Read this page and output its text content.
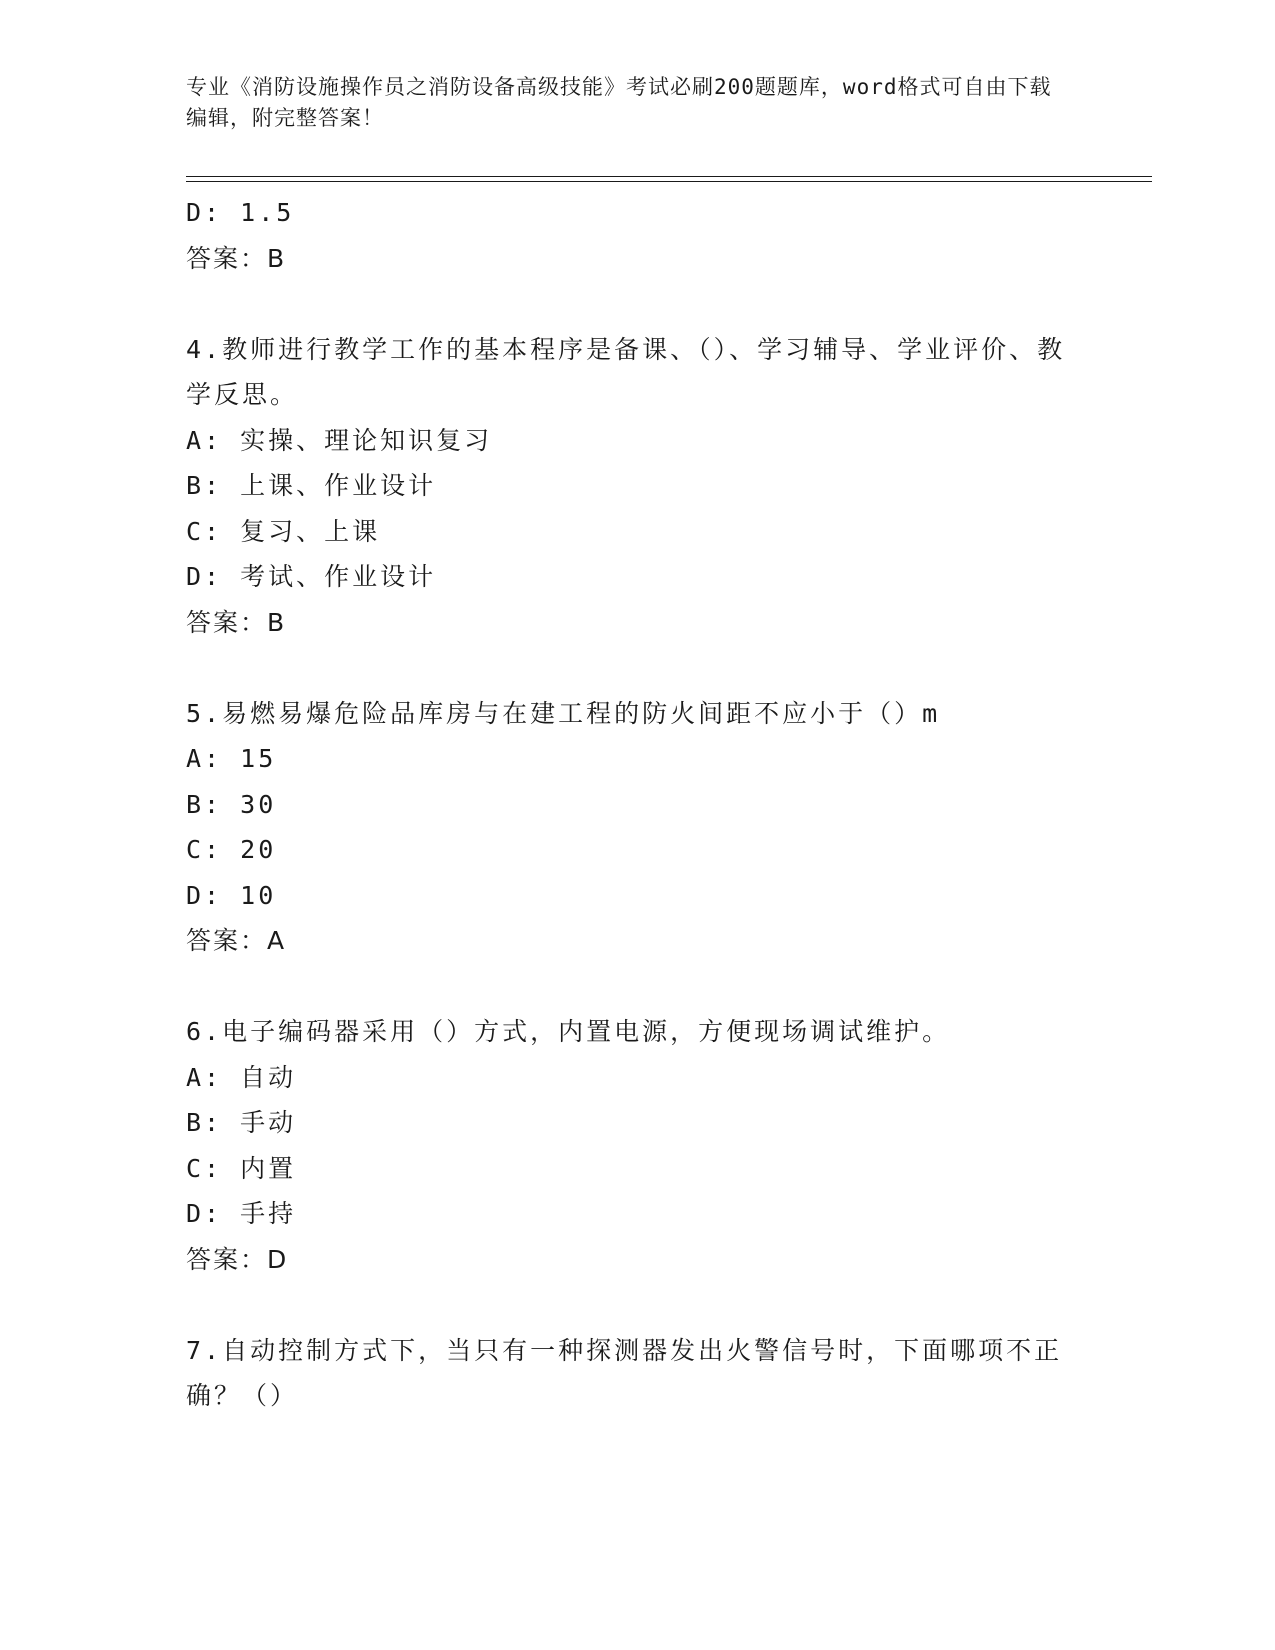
专业《消防设施操作员之消防设备高级技能》考试必刷200题题库，word格式可自由下载编辑，附完整答案！
D: 1.5
答案：B
4.教师进行教学工作的基本程序是备课、（）、学习辅导、学业评价、教学反思。
A: 实操、理论知识复习
B: 上课、作业设计
C: 复习、上课
D: 考试、作业设计
答案：B
5.易燃易爆危险品库房与在建工程的防火间距不应小于（）m
A: 15
B: 30
C: 20
D: 10
答案：A
6.电子编码器采用（）方式，内置电源，方便现场调试维护。
A: 自动
B: 手动
C: 内置
D: 手持
答案：D
7.自动控制方式下，当只有一种探测器发出火警信号时，下面哪项不正确？（）
